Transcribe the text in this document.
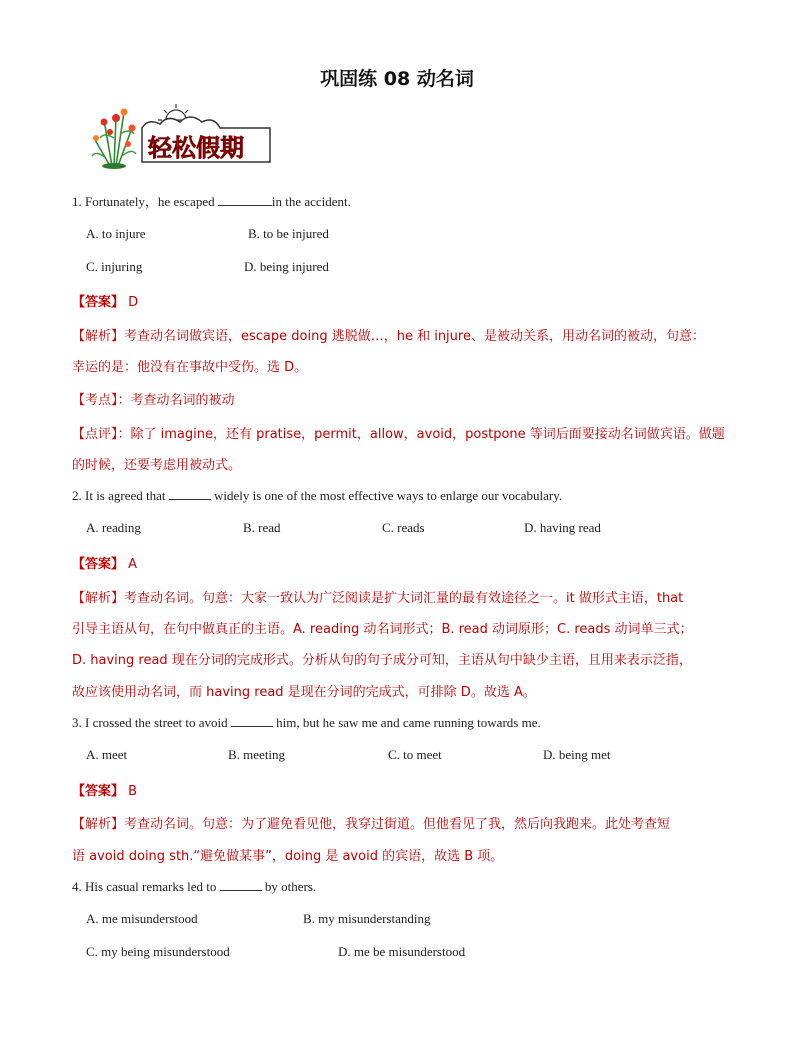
巩固练 08 动名词
轻松假期
1. Fortunately，he escaped	in the accident.
A. to injure	B. to be injured
C. injuring	D. being injured
【答案】 D
【解析】考查动名词做宾语，escape doing 逃脱做…，he 和 injure、是被动关系，用动名词的被动，句意：
幸运的是：他没有在事故中受伤。选 D。
【考点】：考查动名词的被动
【点评】：除了 imagine，还有 pratise，permit，allow，avoid，postpone 等词后面要接动名词做宾语。做题
的时候，还要考虑用被动式。
2. It is agreed that	widely is one of the most effective ways to enlarge our vocabulary.
A. reading	B. read	C. reads	D. having read
【答案】 A
【解析】考查动名词。句意：大家一致认为广泛阅读是扩大词汇量的最有效途径之一。it 做形式主语，that
引导主语从句，在句中做真正的主语。A. reading 动名词形式；B. read 动词原形；C. reads 动词单三式；
D. having read 现在分词的完成形式。分析从句的句子成分可知，主语从句中缺少主语，且用来表示泛指，
故应该使用动名词，而 having read 是现在分词的完成式，可排除 D。故选 A。
3. I crossed the street to avoid	him, but he saw me and came running towards me.
A. meet	B. meeting	C. to meet	D. being met
【答案】 B
【解析】考查动名词。句意：为了避免看见他，我穿过街道。但他看见了我，然后向我跑来。此处考查短
语 avoid doing sth.“避免做某事”，doing 是 avoid 的宾语，故选 B 项。
4. His casual remarks led to	by others.
A. me misunderstood	B. my misunderstanding
C. my being misunderstood	D. me be misunderstood
